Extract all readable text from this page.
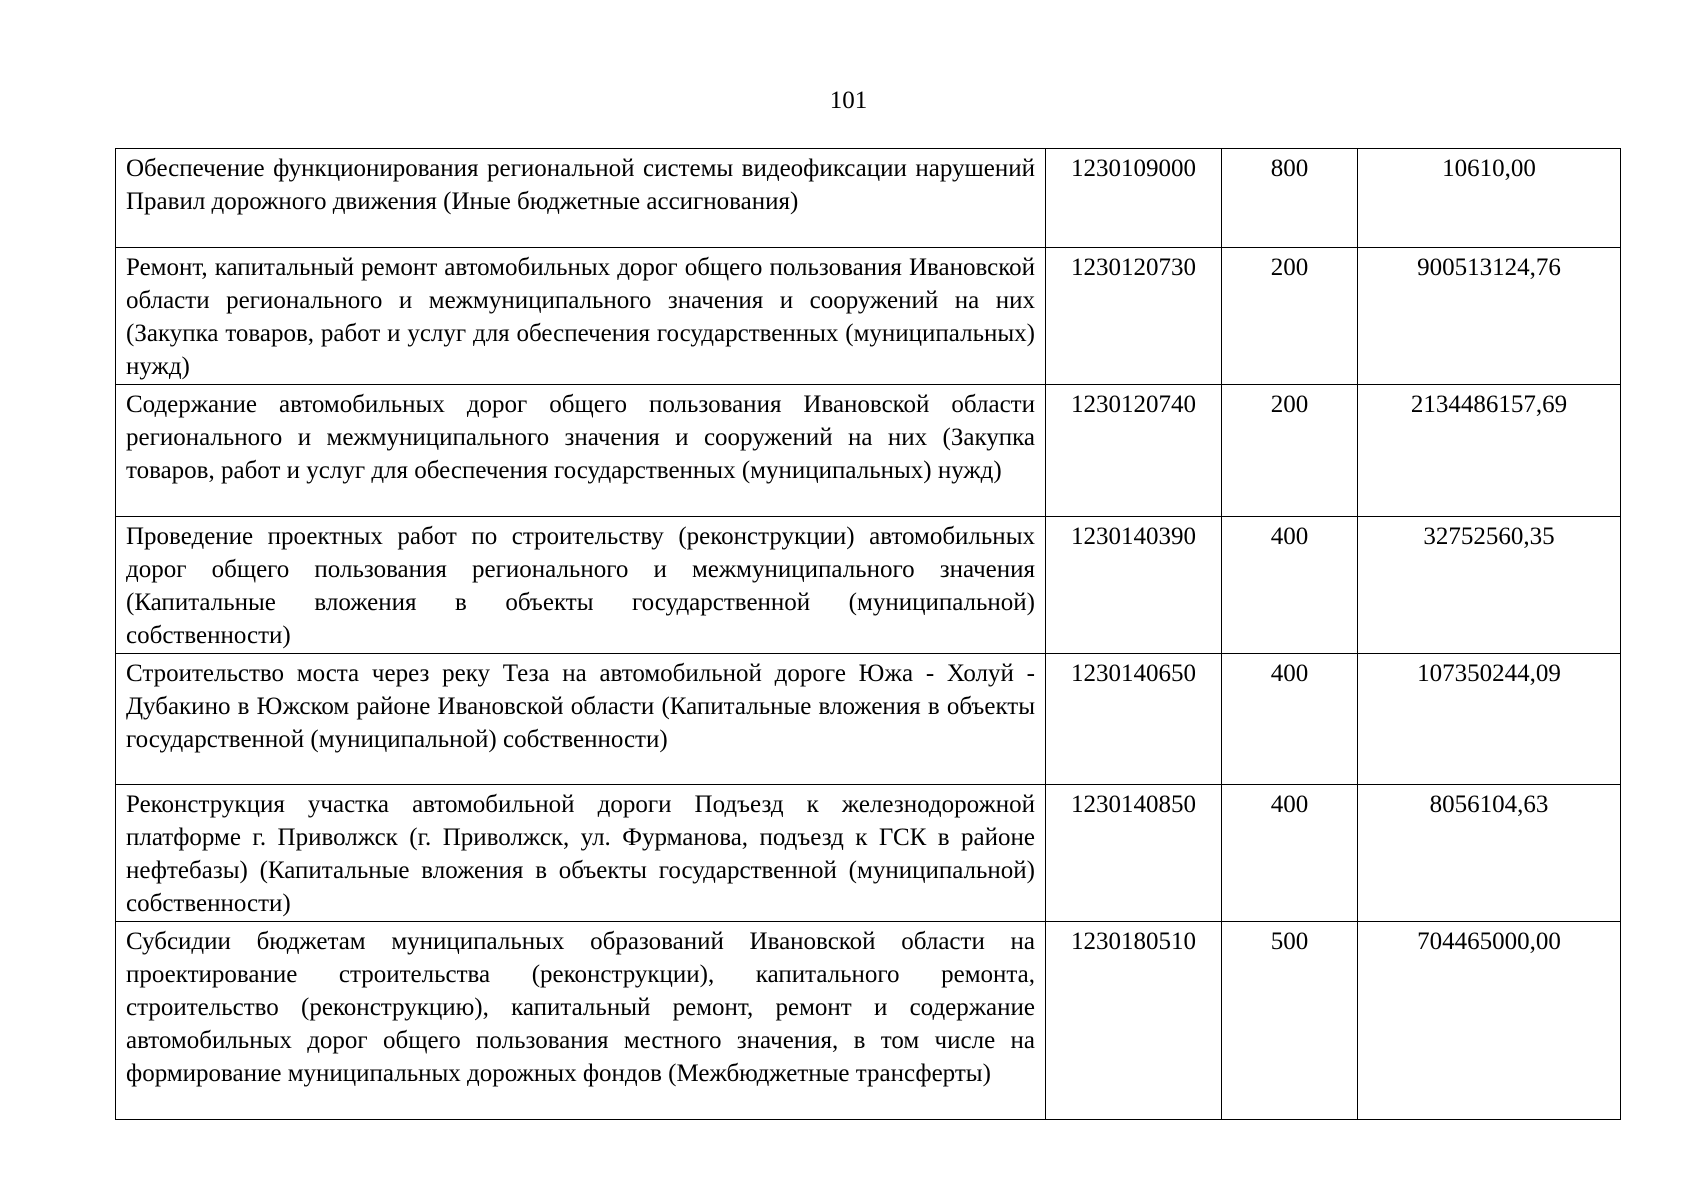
101
Обеспечение функционирования региональной системы видеофиксации нарушений Правил дорожного движения (Иные бюджетные ассигнования)	1230109000	800	10610,00
Ремонт, капитальный ремонт автомобильных дорог общего пользования Ивановской области регионального и межмуниципального значения и сооружений на них (Закупка товаров, работ и услуг для обеспечения государственных (муниципальных) нужд)	1230120730	200	900513124,76
Содержание автомобильных дорог общего пользования Ивановской области регионального и межмуниципального значения и сооружений на них (Закупка товаров, работ и услуг для обеспечения государственных (муниципальных) нужд)	1230120740	200	2134486157,69
Проведение проектных работ по строительству (реконструкции) автомобильных дорог общего пользования регионального и межмуниципального значения (Капитальные вложения в объекты государственной (муниципальной) собственности)	1230140390	400	32752560,35
Строительство моста через реку Теза на автомобильной дороге Южа - Холуй - Дубакино в Южском районе Ивановской области (Капитальные вложения в объекты государственной (муниципальной) собственности)	1230140650	400	107350244,09
Реконструкция участка автомобильной дороги Подъезд к железнодорожной платформе г. Приволжск (г. Приволжск, ул. Фурманова, подъезд к ГСК в районе нефтебазы) (Капитальные вложения в объекты государственной (муниципальной) собственности)	1230140850	400	8056104,63
Субсидии бюджетам муниципальных образований Ивановской области на проектирование строительства (реконструкции), капитального ремонта, строительство (реконструкцию), капитальный ремонт, ремонт и содержание автомобильных дорог общего пользования местного значения, в том числе на формирование муниципальных дорожных фондов (Межбюджетные трансферты)	1230180510	500	704465000,00
